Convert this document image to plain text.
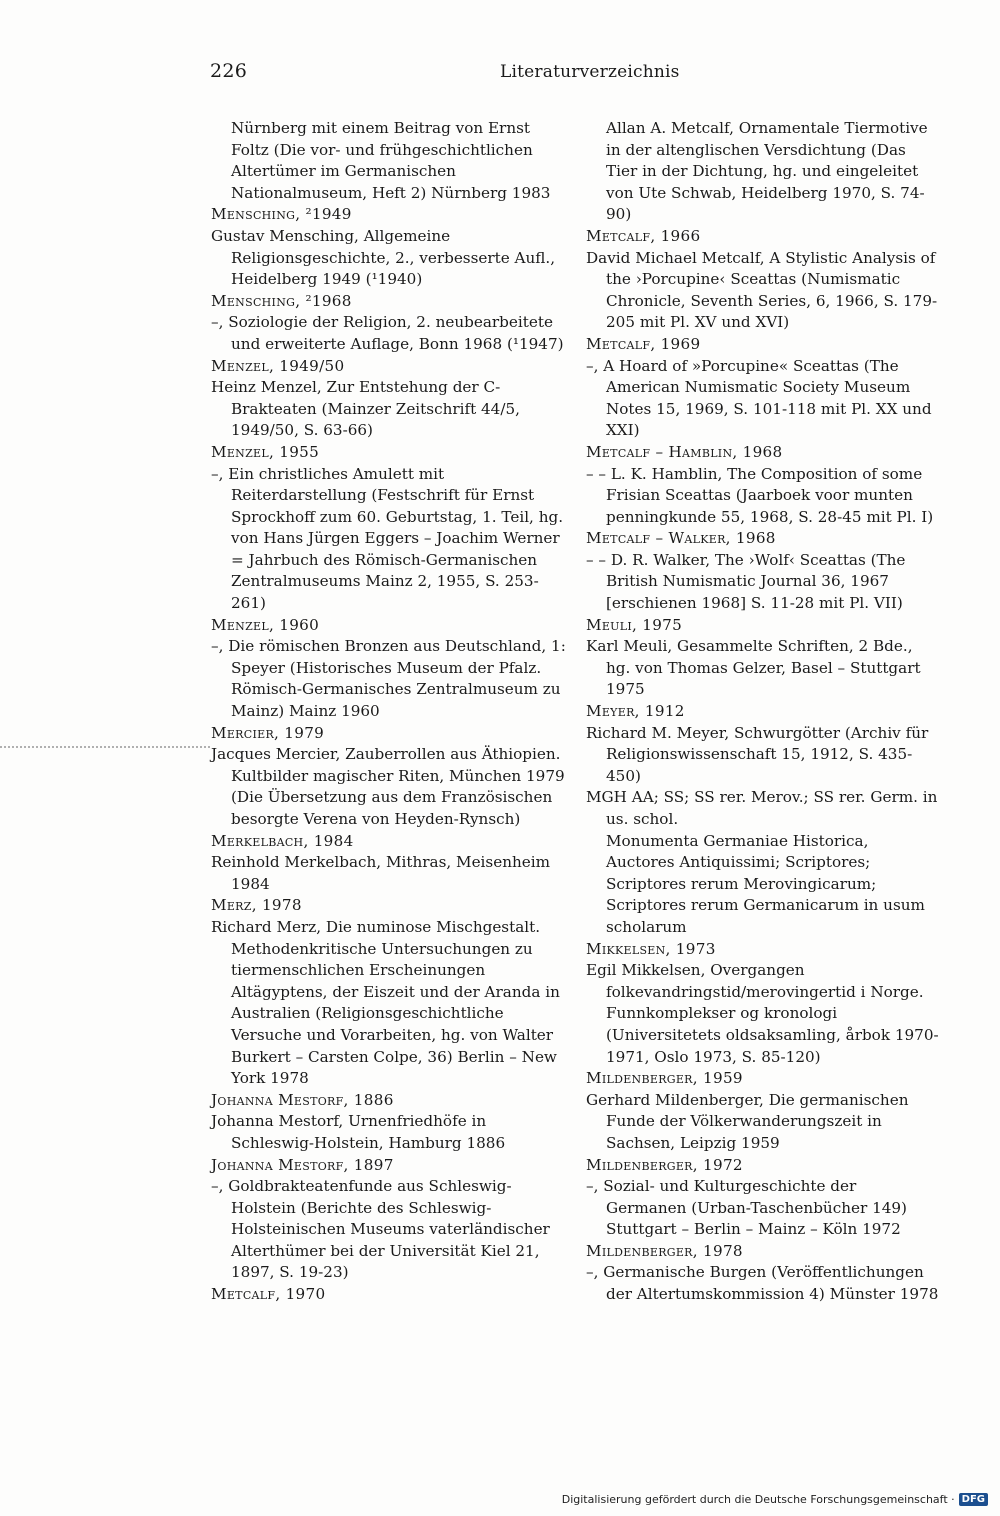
226	Literaturverzeichnis

Nürnberg mit einem Beitrag von Ernst Foltz (Die vor- und frühgeschichtlichen Altertümer im Germanischen Nationalmuseum, Heft 2) Nürnberg 1983

Mensching, ²1949

Gustav Mensching, Allgemeine Religionsgeschichte, 2., verbesserte Aufl., Heidelberg 1949 (¹1940)

Mensching, ²1968

–, Soziologie der Religion, 2. neubearbeitete und erweiterte Auflage, Bonn 1968 (¹1947)

Menzel, 1949/50

Heinz Menzel, Zur Entstehung der C-Brakteaten (Mainzer Zeitschrift 44/5, 1949/50, S. 63-66)

Menzel, 1955

–, Ein christliches Amulett mit Reiterdarstellung (Festschrift für Ernst Sprockhoff zum 60. Geburtstag, 1. Teil, hg. von Hans Jürgen Eggers – Joachim Werner = Jahrbuch des Römisch-Germanischen Zentralmuseums Mainz 2, 1955, S. 253-261)

Menzel, 1960

–, Die römischen Bronzen aus Deutschland, 1: Speyer (Historisches Museum der Pfalz. Römisch-Germanisches Zentralmuseum zu Mainz) Mainz 1960

Mercier, 1979

Jacques Mercier, Zauberrollen aus Äthiopien. Kultbilder magischer Riten, München 1979 (Die Übersetzung aus dem Französischen besorgte Verena von Heyden-Rynsch)

Merkelbach, 1984

Reinhold Merkelbach, Mithras, Meisenheim 1984

Merz, 1978

Richard Merz, Die numinose Mischgestalt. Methodenkritische Untersuchungen zu tiermenschlichen Erscheinungen Altägyptens, der Eiszeit und der Aranda in Australien (Religionsgeschichtliche Versuche und Vorarbeiten, hg. von Walter Burkert – Carsten Colpe, 36) Berlin – New York 1978

Johanna Mestorf, 1886

Johanna Mestorf, Urnenfriedhöfe in Schleswig-Holstein, Hamburg 1886

Johanna Mestorf, 1897

–, Goldbrakteatenfunde aus Schleswig-Holstein (Berichte des Schleswig-Holsteinischen Museums vaterländischer Alterthümer bei der Universität Kiel 21, 1897, S. 19-23)

Metcalf, 1970

Allan A. Metcalf, Ornamentale Tiermotive in der altenglischen Versdichtung (Das Tier in der Dichtung, hg. und eingeleitet von Ute Schwab, Heidelberg 1970, S. 74-90)

Metcalf, 1966

David Michael Metcalf, A Stylistic Analysis of the ›Porcupine‹ Sceattas (Numismatic Chronicle, Seventh Series, 6, 1966, S. 179-205 mit Pl. XV und XVI)

Metcalf, 1969

–, A Hoard of »Porcupine« Sceattas (The American Numismatic Society Museum Notes 15, 1969, S. 101-118 mit Pl. XX und XXI)

Metcalf – Hamblin, 1968

– – L. K. Hamblin, The Composition of some Frisian Sceattas (Jaarboek voor munten penningkunde 55, 1968, S. 28-45 mit Pl. I)

Metcalf – Walker, 1968

– – D. R. Walker, The ›Wolf‹ Sceattas (The British Numismatic Journal 36, 1967 [erschienen 1968] S. 11-28 mit Pl. VII)

Meuli, 1975

Karl Meuli, Gesammelte Schriften, 2 Bde., hg. von Thomas Gelzer, Basel – Stuttgart 1975

Meyer, 1912

Richard M. Meyer, Schwurgötter (Archiv für Religionswissenschaft 15, 1912, S. 435-450)

MGH AA; SS; SS rer. Merov.; SS rer. Germ. in us. schol.

Monumenta Germaniae Historica, Auctores Antiquissimi; Scriptores; Scriptores rerum Merovingicarum; Scriptores rerum Germanicarum in usum scholarum

Mikkelsen, 1973

Egil Mikkelsen, Overgangen folkevandringstid/merovingertid i Norge. Funnkomplekser og kronologi (Universitetets oldsaksamling, årbok 1970-1971, Oslo 1973, S. 85-120)

Mildenberger, 1959

Gerhard Mildenberger, Die germanischen Funde der Völkerwanderungszeit in Sachsen, Leipzig 1959

Mildenberger, 1972

–, Sozial- und Kulturgeschichte der Germanen (Urban-Taschenbücher 149) Stuttgart – Berlin – Mainz – Köln 1972

Mildenberger, 1978

–, Germanische Burgen (Veröffentlichungen der Altertumskommission 4) Münster 1978

Digitalisierung gefördert durch die Deutsche Forschungsgemeinschaft · DFG
